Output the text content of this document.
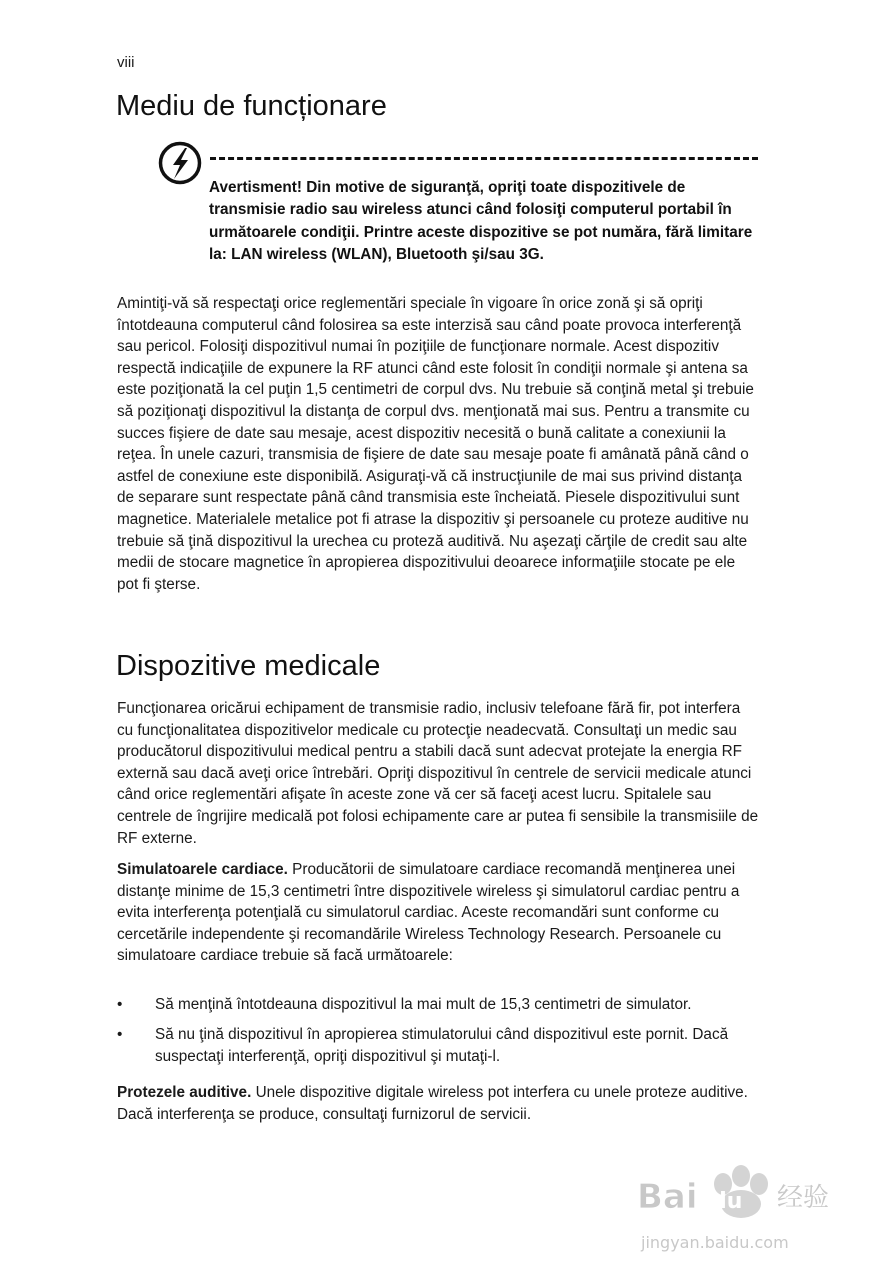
viii
Mediu de funcționare
Avertisment! Din motive de siguranţă, opriţi toate dispozitivele de transmisie radio sau wireless atunci când folosiţi computerul portabil în următoarele condiţii. Printre aceste dispozitive se pot număra, fără limitare la: LAN wireless (WLAN), Bluetooth şi/sau 3G.

Amintiţi-vă să respectaţi orice reglementări speciale în vigoare în orice zonă şi să opriţi întotdeauna computerul când folosirea sa este interzisă sau când poate provoca interferenţă sau pericol. Folosiţi dispozitivul numai în poziţiile de funcţionare normale. Acest dispozitiv respectă indicaţiile de expunere la RF atunci când este folosit în condiţii normale şi antena sa este poziţionată la cel puţin 1,5 centimetri de corpul dvs. Nu trebuie să conţină metal şi trebuie să poziţionaţi dispozitivul la distanţa de corpul dvs. menţionată mai sus. Pentru a transmite cu succes fişiere de date sau mesaje, acest dispozitiv necesită o bună calitate a conexiunii la reţea. În unele cazuri, transmisia de fişiere de date sau mesaje poate fi amânată până când o astfel de conexiune este disponibilă. Asiguraţi-vă că instrucţiunile de mai sus privind distanţa de separare sunt respectate până când transmisia este încheiată. Piesele dispozitivului sunt magnetice. Materialele metalice pot fi atrase la dispozitiv şi persoanele cu proteze auditive nu trebuie să ţină dispozitivul la urechea cu proteză auditivă. Nu aşezaţi cărţile de credit sau alte medii de stocare magnetice în apropierea dispozitivului deoarece informaţiile stocate pe ele pot fi şterse.

Dispozitive medicale

Funcţionarea oricărui echipament de transmisie radio, inclusiv telefoane fără fir, pot interfera cu funcţionalitatea dispozitivelor medicale cu protecţie neadecvată. Consultaţi un medic sau producătorul dispozitivului medical pentru a stabili dacă sunt adecvat protejate la energia RF externă sau dacă aveţi orice întrebări. Opriţi dispozitivul în centrele de servicii medicale atunci când orice reglementări afişate în aceste zone vă cer să faceţi acest lucru. Spitalele sau centrele de îngrijire medicală pot folosi echipamente care ar putea fi sensibile la transmisiile de RF externe.

Simulatoarele cardiace. Producătorii de simulatoare cardiace recomandă menţinerea unei distanţe minime de 15,3 centimetri între dispozitivele wireless şi simulatorul cardiac pentru a evita interferenţa potenţială cu simulatorul cardiac. Aceste recomandări sunt conforme cu cercetările independente şi recomandările Wireless Technology Research. Persoanele cu simulatoare cardiace trebuie să facă următoarele:

• Să menţină întotdeauna dispozitivul la mai mult de 15,3 centimetri de simulator.
• Să nu ţină dispozitivul în apropierea stimulatorului când dispozitivul este pornit. Dacă suspectaţi interferenţă, opriţi dispozitivul şi mutaţi-l.

Protezele auditive. Unele dispozitive digitale wireless pot interfera cu unele proteze auditive. Dacă interferenţa se produce, consultaţi furnizorul de servicii.

Bai du 经验
jingyan.baidu.com
